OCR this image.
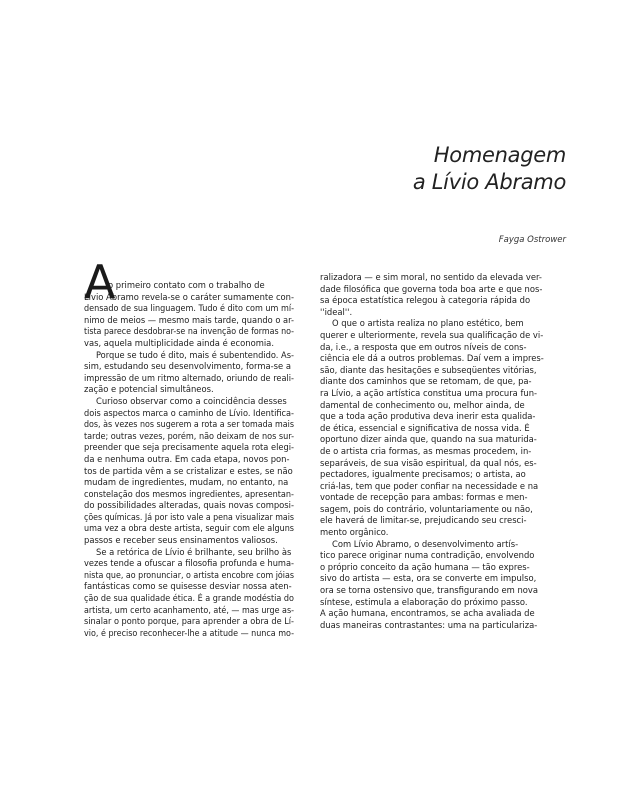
Homenagem
a Lívio Abramo
Fayga Ostrower
A
o primeiro contato com o trabalho de
Lívio Abramo revela-se o caráter sumamente con-
densado de sua linguagem. Tudo é dito com um mí-
nimo de meios — mesmo mais tarde, quando o ar-
tista parece desdobrar-se na invenção de formas no-
vas, aquela multiplicidade ainda é economia.
Porque se tudo é dito, mais é subentendido. As-
sim, estudando seu desenvolvimento, forma-se a
impressão de um ritmo alternado, oriundo de reali-
zação e potencial simultâneos.
Curioso observar como a coincidência desses
dois aspectos marca o caminho de Lívio. Identifica-
dos, às vezes nos sugerem a rota a ser tomada mais
tarde; outras vezes, porém, não deixam de nos sur-
preender que seja precisamente aquela rota elegi-
da e nenhuma outra. Em cada etapa, novos pon-
tos de partida vêm a se cristalizar e estes, se não
mudam de ingredientes, mudam, no entanto, na
constelação dos mesmos ingredientes, apresentan-
do possibilidades alteradas, quais novas composi-
ções químicas. Já por isto vale a pena visualizar mais
uma vez a obra deste artista, seguir com ele alguns
passos e receber seus ensinamentos valiosos.
Se a retórica de Lívio é brilhante, seu brilho às
vezes tende a ofuscar a filosofia profunda e huma-
nista que, ao pronunciar, o artista encobre com jóias
fantásticas como se quisesse desviar nossa aten-
ção de sua qualidade ética. É a grande modéstia do
artista, um certo acanhamento, até, — mas urge as-
sinalar o ponto porque, para aprender a obra de Lí-
vio, é preciso reconhecer-lhe a atitude — nunca mo-
ralizadora — e sim moral, no sentido da elevada ver-
dade filosófica que governa toda boa arte e que nos-
sa época estatística relegou à categoria rápida do
''ideal''.
O que o artista realiza no plano estético, bem
querer e ulteriormente, revela sua qualificação de vi-
da, i.e., a resposta que em outros níveis de cons-
ciência ele dá a outros problemas. Daí vem a impres-
são, diante das hesitações e subseqüentes vitórias,
diante dos caminhos que se retomam, de que, pa-
ra Lívio, a ação artística constitua uma procura fun-
damental de conhecimento ou, melhor ainda, de
que a toda ação produtiva deva inerir esta qualida-
de ética, essencial e significativa de nossa vida. É
oportuno dizer ainda que, quando na sua maturida-
de o artista cria formas, as mesmas procedem, in-
separáveis, de sua visão espiritual, da qual nós, es-
pectadores, igualmente precisamos; o artista, ao
criá-las, tem que poder confiar na necessidade e na
vontade de recepção para ambas: formas e men-
sagem, pois do contrário, voluntariamente ou não,
ele haverá de limitar-se, prejudicando seu cresci-
mento orgânico.
Com Lívio Abramo, o desenvolvimento artís-
tico parece originar numa contradição, envolvendo
o próprio conceito da ação humana — tão expres-
sivo do artista — esta, ora se converte em impulso,
ora se torna ostensivo que, transfigurando em nova
síntese, estimula a elaboração do próximo passo.
A ação humana, encontramos, se acha avaliada de
duas maneiras contrastantes: uma na particulariza-
